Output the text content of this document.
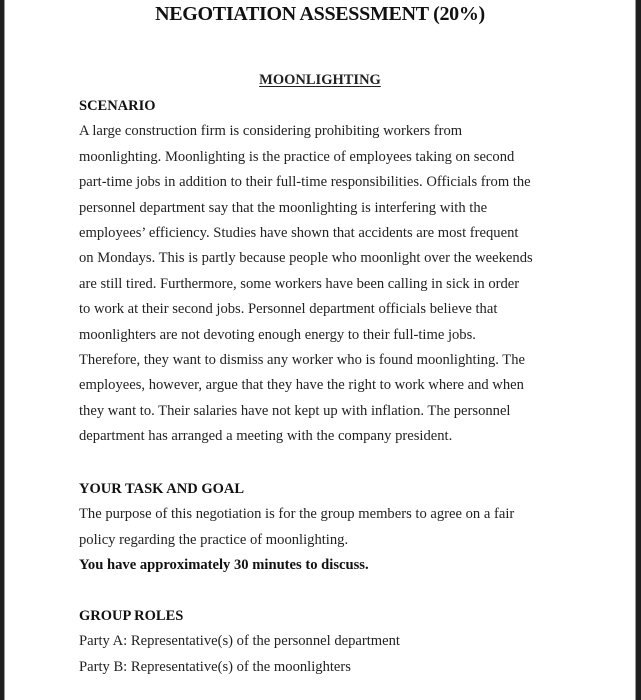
NEGOTIATION ASSESSMENT (20%)
MOONLIGHTING
SCENARIO
A large construction firm is considering prohibiting workers from
moonlighting. Moonlighting is the practice of employees taking on second
part-time jobs in addition to their full-time responsibilities. Officials from the
personnel department say that the moonlighting is interfering with the
employees’ efficiency. Studies have shown that accidents are most frequent
on Mondays. This is partly because people who moonlight over the weekends
are still tired. Furthermore, some workers have been calling in sick in order
to work at their second jobs. Personnel department officials believe that
moonlighters are not devoting enough energy to their full-time jobs.
Therefore, they want to dismiss any worker who is found moonlighting. The
employees, however, argue that they have the right to work where and when
they want to. Their salaries have not kept up with inflation. The personnel
department has arranged a meeting with the company president.
YOUR TASK AND GOAL
The purpose of this negotiation is for the group members to agree on a fair
policy regarding the practice of moonlighting.
You have approximately 30 minutes to discuss.
GROUP ROLES
Party A: Representative(s) of the personnel department
Party B: Representative(s) of the moonlighters
